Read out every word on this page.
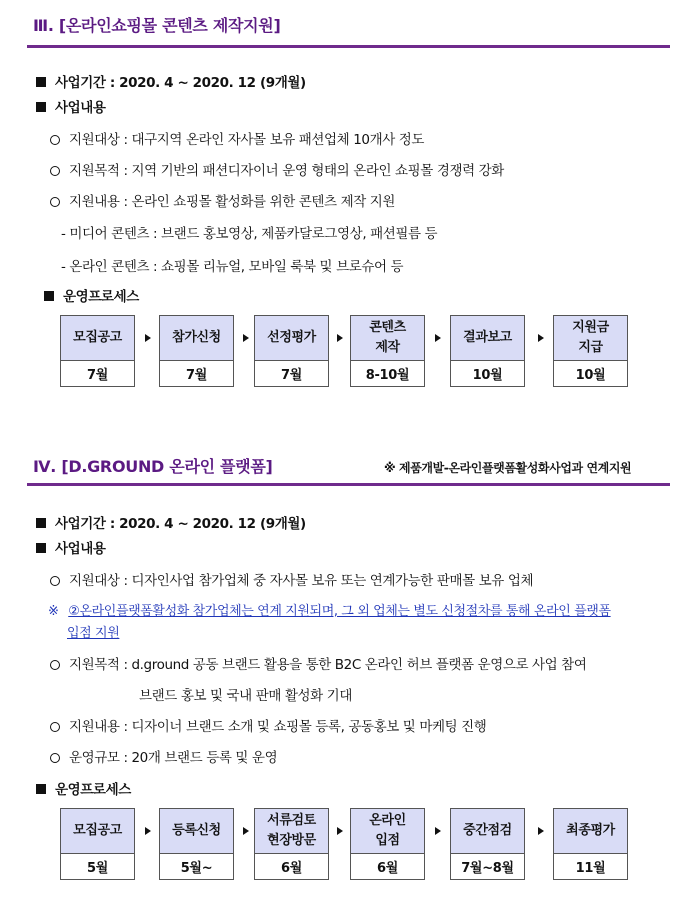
Ⅲ. [온라인쇼핑몰 콘텐츠 제작지원]
사업기간 : 2020. 4 ~ 2020. 12 (9개월)
사업내용
지원대상 : 대구지역 온라인 자사몰 보유 패션업체 10개사 정도
지원목적 : 지역 기반의 패션디자이너 운영 형태의 온라인 쇼핑몰 경쟁력 강화
지원내용 : 온라인 쇼핑몰 활성화를 위한 콘텐츠 제작 지원
- 미디어 콘텐츠 : 브랜드 홍보영상, 제품카달로그영상, 패션필름 등
- 온라인 콘텐츠 : 쇼핑몰 리뉴얼, 모바일 룩북 및 브로슈어 등
운영프로세스
모집공고
7월
참가신청
7월
선정평가
7월
콘텐츠
제작
8-10월
결과보고
10월
지원금
지급
10월
Ⅳ. [D.GROUND 온라인 플랫폼]	※ 제품개발-온라인플랫폼활성화사업과 연계지원
사업기간 : 2020. 4 ~ 2020. 12 (9개월)
사업내용
지원대상 : 디자인사업 참가업체 중 자사몰 보유 또는 연계가능한 판매몰 보유 업체
※ ②온라인플랫폼활성화 참가업체는 연계 지원되며, 그 외 업체는 별도 신청절차를 통해 온라인 플랫폼
입점 지원
지원목적 : d.ground 공동 브랜드 활용을 통한 B2C 온라인 허브 플랫폼 운영으로 사업 참여
브랜드 홍보 및 국내 판매 활성화 기대
지원내용 : 디자이너 브랜드 소개 및 쇼핑몰 등록, 공동홍보 및 마케팅 진행
운영규모 : 20개 브랜드 등록 및 운영
운영프로세스
모집공고
5월
등록신청
5월~
서류검토
현장방문
6월
온라인
입점
6월
중간점검
7월~8월
최종평가
11월
